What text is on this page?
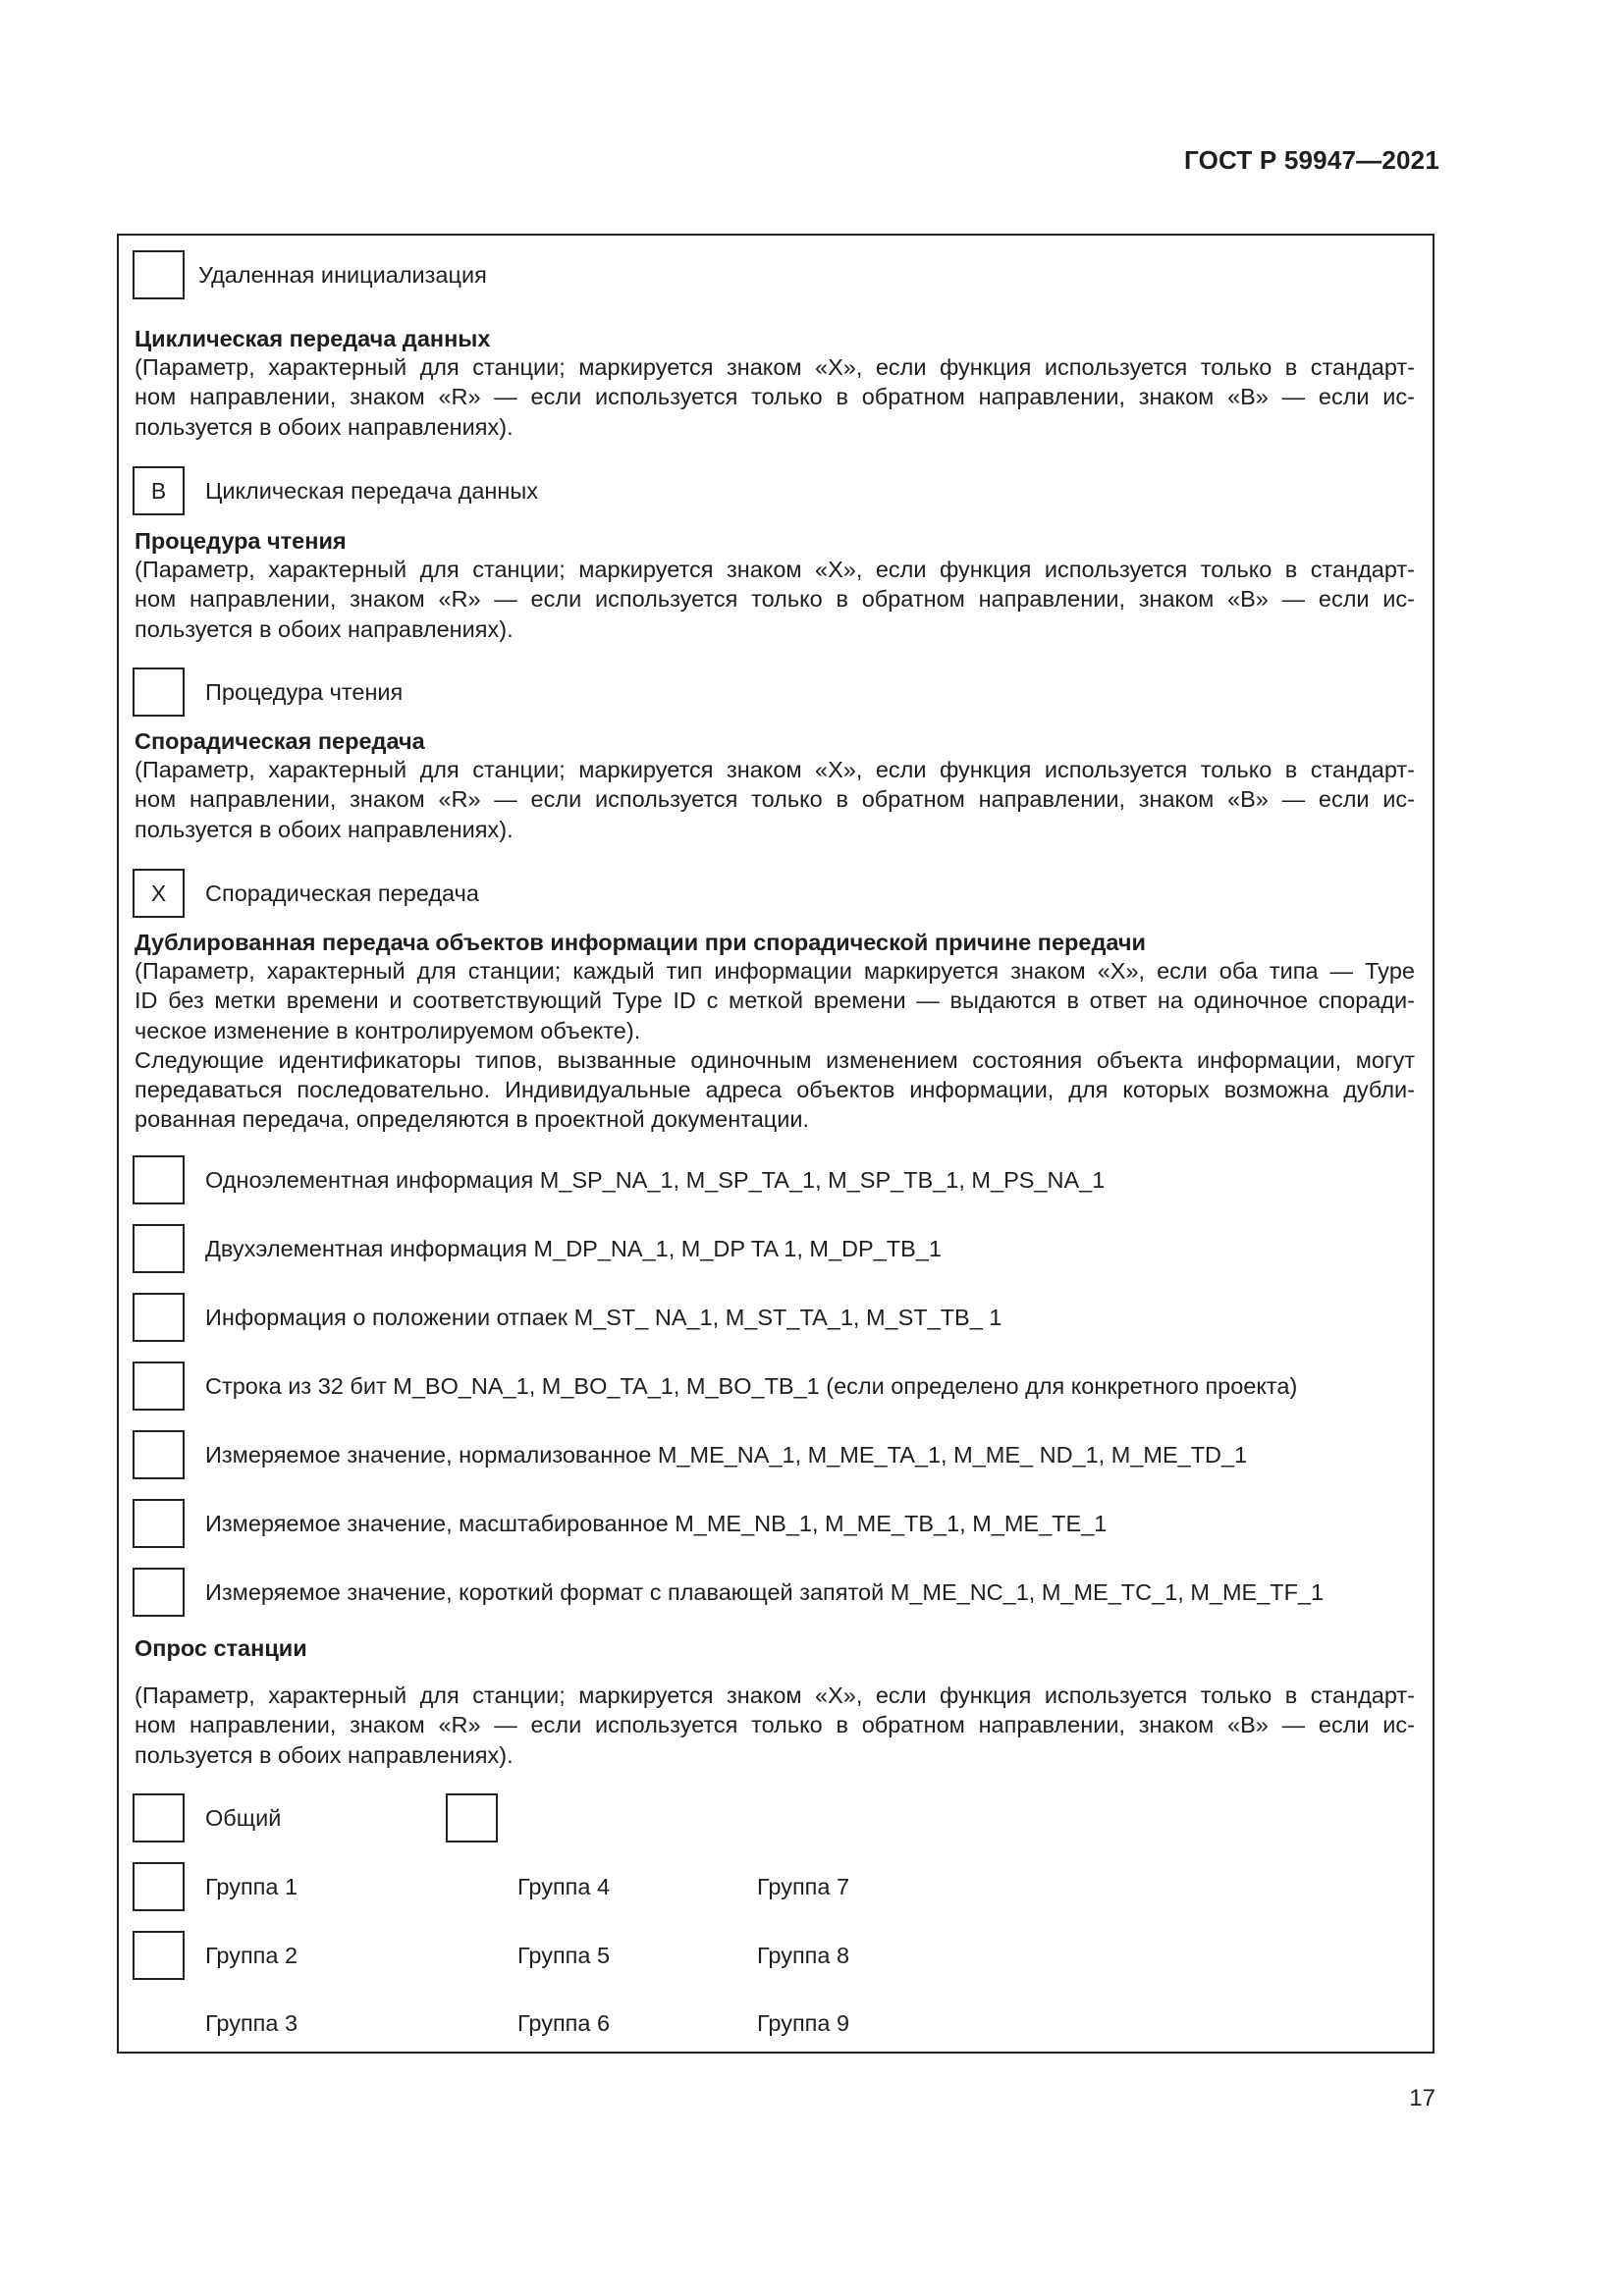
ГОСТ Р 59947—2021
Удаленная инициализация
Циклическая передача данных
(Параметр, характерный для станции; маркируется знаком «X», если функция используется только в стандарт-
ном направлении, знаком «R» — если используется только в обратном направлении, знаком «B» — если ис-
пользуется в обоих направлениях).
B	Циклическая передача данных
Процедура чтения
(Параметр, характерный для станции; маркируется знаком «X», если функция используется только в стандарт-
ном направлении, знаком «R» — если используется только в обратном направлении, знаком «B» — если ис-
пользуется в обоих направлениях).
Процедура чтения
Спорадическая передача
(Параметр, характерный для станции; маркируется знаком «X», если функция используется только в стандарт-
ном направлении, знаком «R» — если используется только в обратном направлении, знаком «B» — если ис-
пользуется в обоих направлениях).
X	Спорадическая передача
Дублированная передача объектов информации при спорадической причине передачи
(Параметр, характерный для станции; каждый тип информации маркируется знаком «X», если оба типа — Type
ID без метки времени и соответствующий Type ID с меткой времени — выдаются в ответ на одиночное споради-
ческое изменение в контролируемом объекте).
Следующие идентификаторы типов, вызванные одиночным изменением состояния объекта информации, могут
передаваться последовательно. Индивидуальные адреса объектов информации, для которых возможна дубли-
рованная передача, определяются в проектной документации.
Одноэлементная информация M_SP_NA_1, M_SP_TA_1, M_SP_TB_1, M_PS_NA_1
Двухэлементная информация M_DP_NA_1, M_DP TA 1, M_DP_TB_1
Информация о положении отпаек M_ST_ NA_1, M_ST_TA_1, M_ST_TB_ 1
Строка из 32 бит M_BO_NA_1, M_BO_TA_1, M_BO_TB_1 (если определено для конкретного проекта)
Измеряемое значение, нормализованное M_ME_NA_1, M_ME_TA_1, M_ME_ ND_1, M_ME_TD_1
Измеряемое значение, масштабированное M_ME_NB_1, M_ME_TB_1, M_ME_TE_1
Измеряемое значение, короткий формат с плавающей запятой M_ME_NC_1, M_ME_TC_1, M_ME_TF_1
Опрос станции
(Параметр, характерный для станции; маркируется знаком «X», если функция используется только в стандарт-
ном направлении, знаком «R» — если используется только в обратном направлении, знаком «B» — если ис-
пользуется в обоих направлениях).
Общий
Группа 1	Группа 4	Группа 7
Группа 2	Группа 5	Группа 8
Группа 3	Группа 6	Группа 9
17
